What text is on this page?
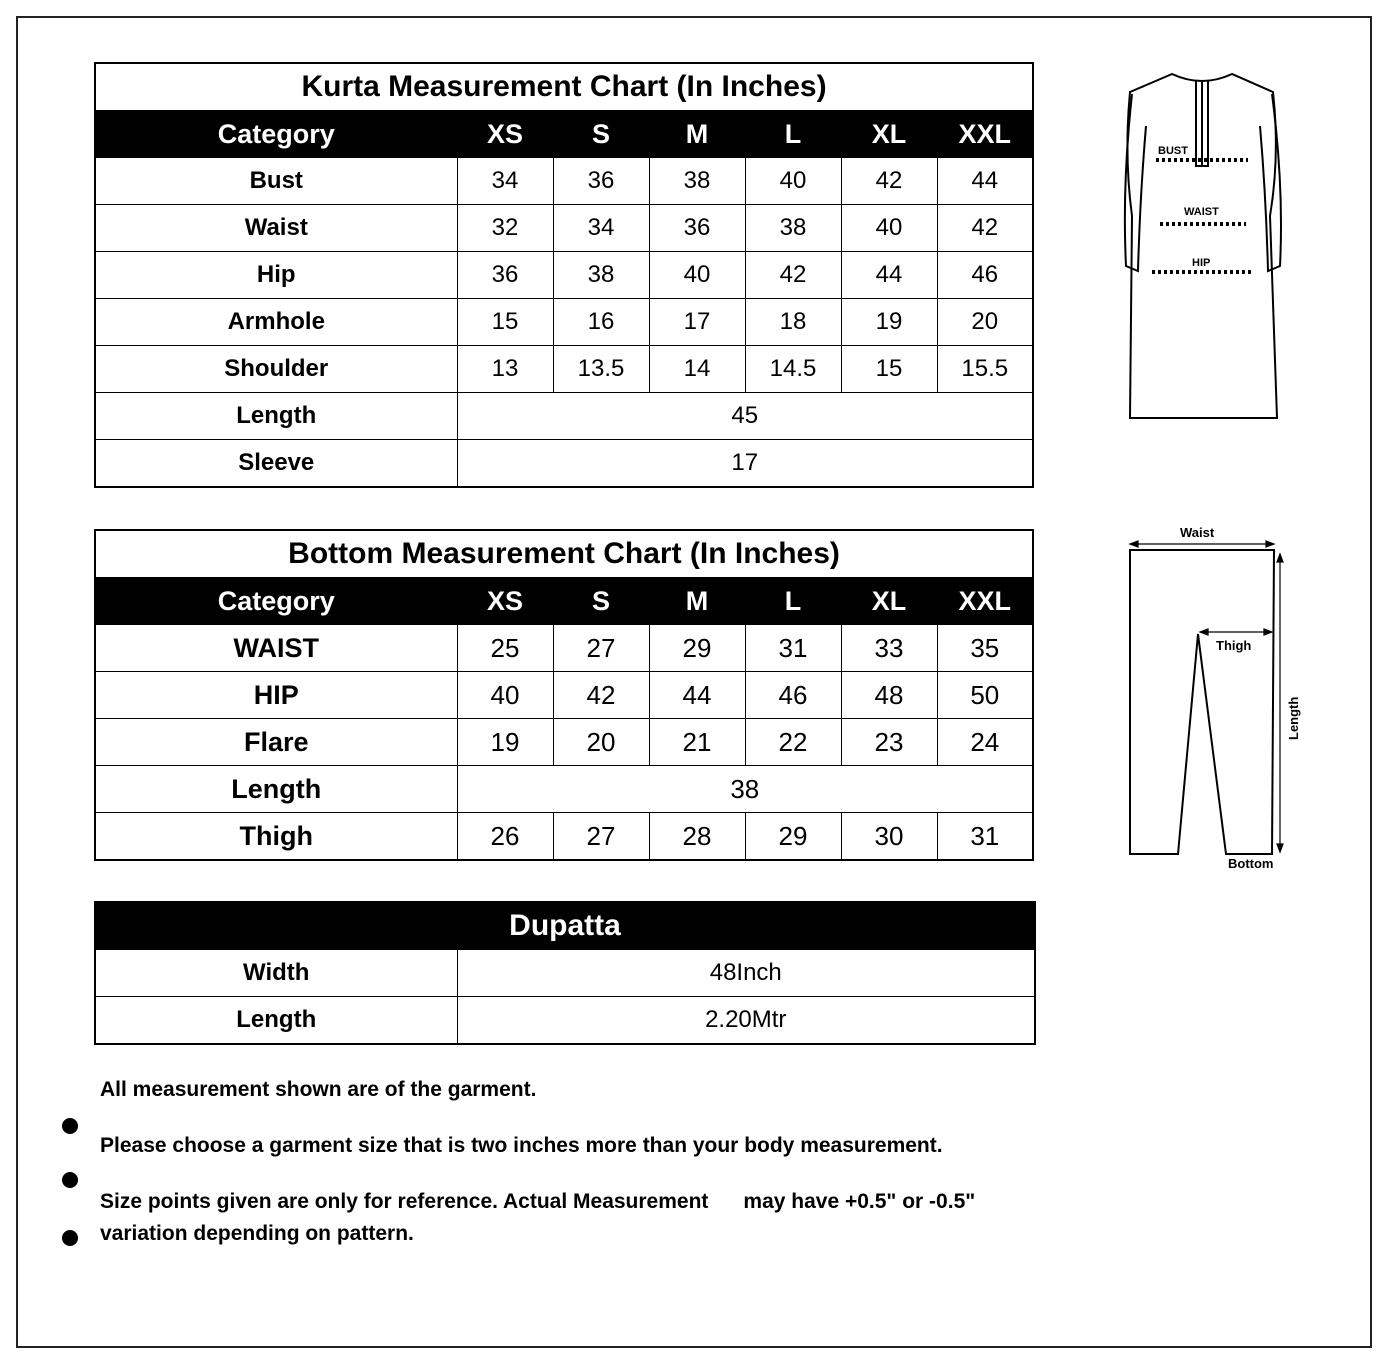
Kurta Measurement Chart (In Inches)						
Category	XS	S	M	L	XL	XXL
Bust	34	36	38	40	42	44
Waist	32	34	36	38	40	42
Hip	36	38	40	42	44	46
Armhole	15	16	17	18	19	20
Shoulder	13	13.5	14	14.5	15	15.5
Length	45					
Sleeve	17					
Bottom Measurement Chart (In Inches)						
Category	XS	S	M	L	XL	XXL
WAIST	25	27	29	31	33	35
HIP	40	42	44	46	48	50
Flare	19	20	21	22	23	24
Length	38					
Thigh	26	27	28	29	30	31
Dupatta	
Width	48Inch
Length	2.20Mtr
All measurement shown are of the garment.
Please choose a garment size that is two inches more than your body measurement.
Size points given are only for reference. Actual Measurement      may have +0.5" or -0.5" variation depending on pattern.
BUST
WAIST
HIP
Waist
Thigh
Length
Bottom
